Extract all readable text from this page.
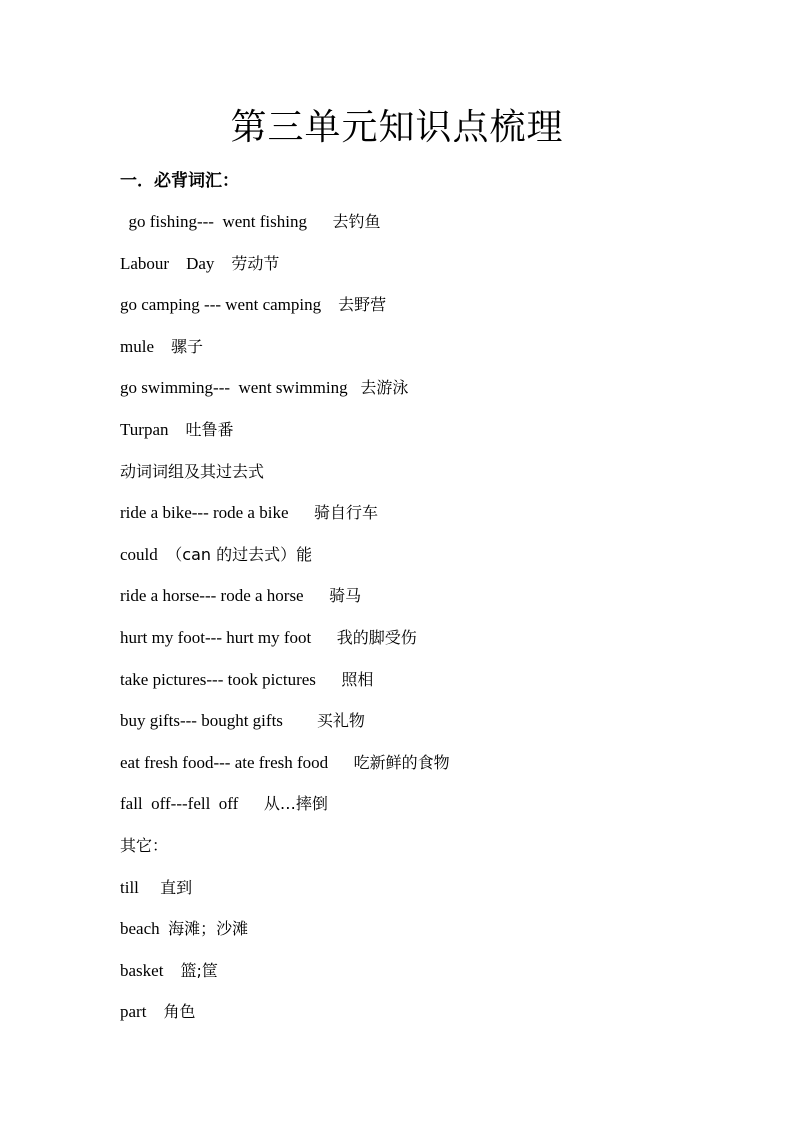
第三单元知识点梳理
一．必背词汇：
go fishing---  went fishing 去钓鱼
Labour    Day 劳动节
go camping --- went camping 去野营
mule 骡子
go swimming---  went swimming 去游泳
Turpan 吐鲁番
动词词组及其过去式
ride a bike--- rode a bike 骑自行车
could （can 的过去式）能
ride a horse--- rode a horse 骑马
hurt my foot--- hurt my foot 我的脚受伤
take pictures--- took pictures 照相
buy gifts--- bought gifts 买礼物
eat fresh food--- ate fresh food 吃新鲜的食物
fall  off---fell  off 从…摔倒
其它：
till 直到
beach 海滩；沙滩
basket 篮;筐
part 角色
